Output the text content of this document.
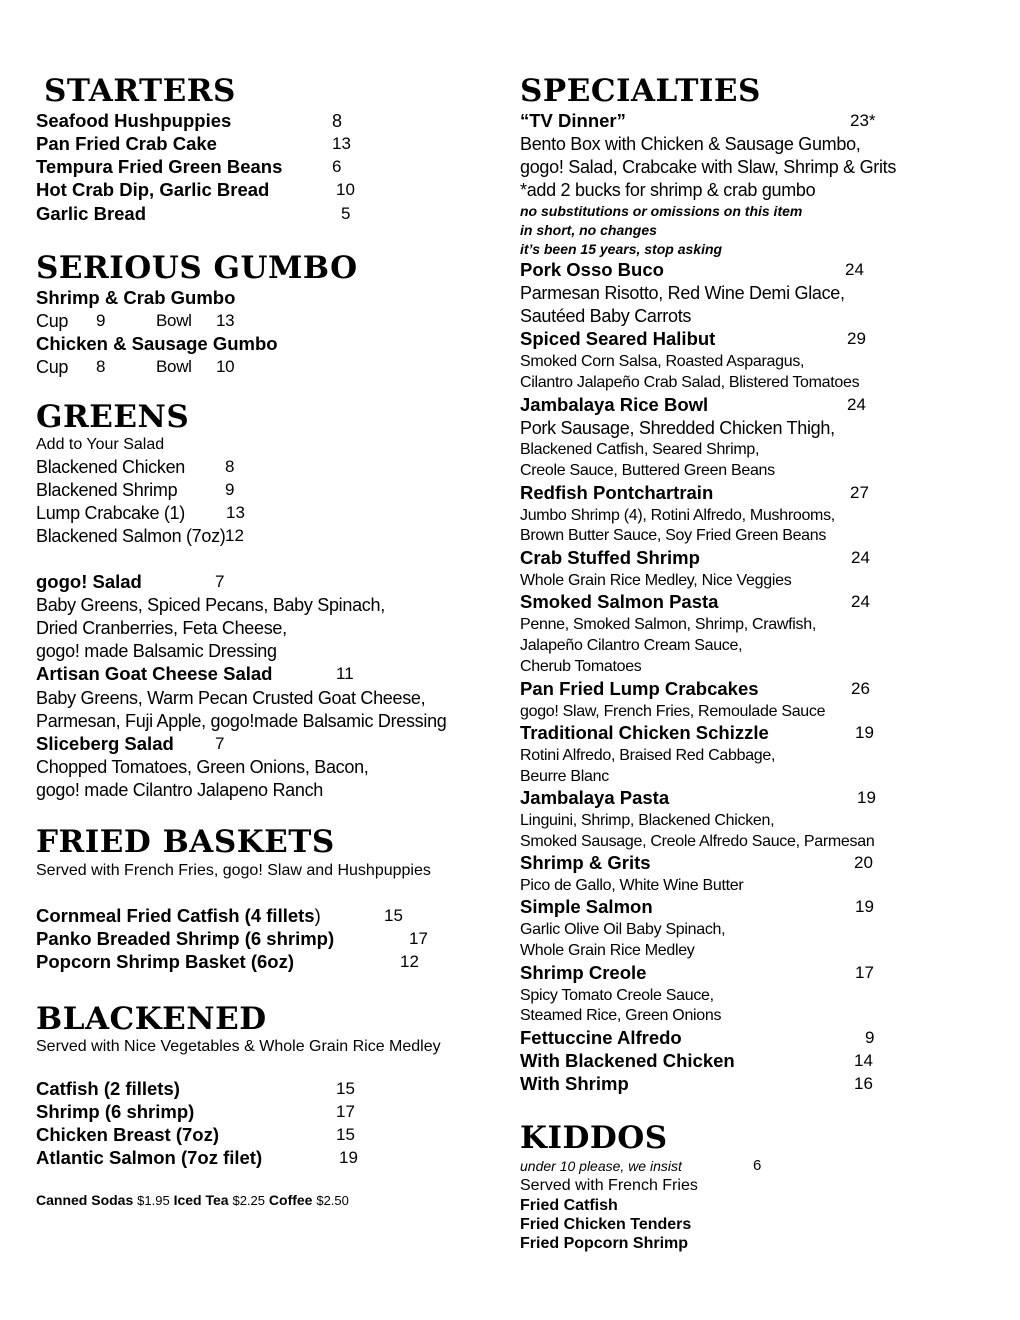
STARTERS
Seafood Hushpuppies	8
Pan Fried Crab Cake	13
Tempura Fried Green Beans	6
Hot Crab Dip, Garlic Bread	10
Garlic Bread	5
SERIOUS GUMBO
Shrimp & Crab Gumbo
Cup 9	Bowl 13
Chicken & Sausage Gumbo
Cup 8	Bowl 10
GREENS
Add to Your Salad
Blackened Chicken 8
Blackened Shrimp	9
Lump Crabcake (1) 13
Blackened Salmon (7oz) 12
gogo! Salad	7
Baby Greens, Spiced Pecans, Baby Spinach,
Dried Cranberries, Feta Cheese,
gogo! made Balsamic Dressing
Artisan Goat Cheese Salad	11
Baby Greens, Warm Pecan Crusted Goat Cheese,
Parmesan, Fuji Apple, gogo!made Balsamic Dressing
Sliceberg Salad 7
Chopped Tomatoes, Green Onions, Bacon,
gogo! made Cilantro Jalapeno Ranch
FRIED BASKETS
Served with French Fries, gogo! Slaw and Hushpuppies
Cornmeal Fried Catfish (4 fillets)	15
Panko Breaded Shrimp (6 shrimp)	17
Popcorn Shrimp Basket (6oz)	12
BLACKENED
Served with Nice Vegetables & Whole Grain Rice Medley
Catfish (2 fillets)	15
Shrimp (6 shrimp)	17
Chicken Breast (7oz)	15
Atlantic Salmon (7oz filet)	19
Canned Sodas $1.95 Iced Tea $2.25 Coffee $2.50
SPECIALTIES
“TV Dinner”	23*
Bento Box with Chicken & Sausage Gumbo,
gogo! Salad, Crabcake with Slaw, Shrimp & Grits
*add 2 bucks for shrimp & crab gumbo
no substitutions or omissions on this item
in short, no changes
it’s been 15 years, stop asking
Pork Osso Buco	24
Parmesan Risotto, Red Wine Demi Glace,
Sautéed Baby Carrots
Spiced Seared Halibut	29
Smoked Corn Salsa, Roasted Asparagus,
Cilantro Jalapeño Crab Salad, Blistered Tomatoes
Jambalaya Rice Bowl	24
Pork Sausage, Shredded Chicken Thigh,
Blackened Catfish, Seared Shrimp,
Creole Sauce, Buttered Green Beans
Redfish Pontchartrain	27
Jumbo Shrimp (4), Rotini Alfredo, Mushrooms,
Brown Butter Sauce, Soy Fried Green Beans
Crab Stuffed Shrimp	24
Whole Grain Rice Medley, Nice Veggies
Smoked Salmon Pasta	24
Penne, Smoked Salmon, Shrimp, Crawfish,
Jalapeño Cilantro Cream Sauce,
Cherub Tomatoes
Pan Fried Lump Crabcakes	26
gogo! Slaw, French Fries, Remoulade Sauce
Traditional Chicken Schizzle	19
Rotini Alfredo, Braised Red Cabbage,
Beurre Blanc
Jambalaya Pasta	19
Linguini, Shrimp, Blackened Chicken,
Smoked Sausage, Creole Alfredo Sauce, Parmesan
Shrimp & Grits	20
Pico de Gallo, White Wine Butter
Simple Salmon	19
Garlic Olive Oil Baby Spinach,
Whole Grain Rice Medley
Shrimp Creole	17
Spicy Tomato Creole Sauce,
Steamed Rice, Green Onions
Fettuccine Alfredo	9
With Blackened Chicken	14
With Shrimp	16
KIDDOS
under 10 please, we insist	6
Served with French Fries
Fried Catfish
Fried Chicken Tenders
Fried Popcorn Shrimp
